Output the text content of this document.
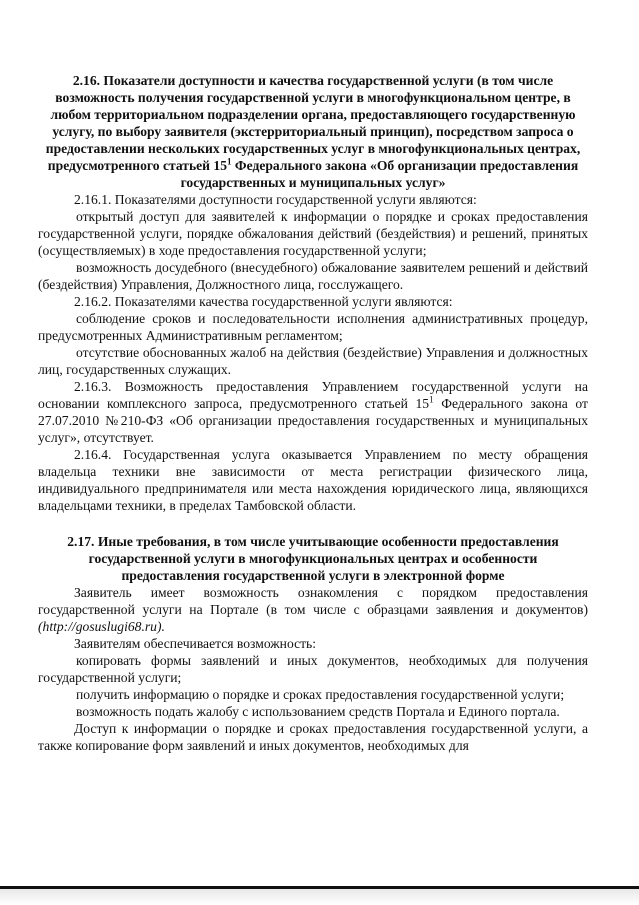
2.16. Показатели доступности и качества государственной услуги (в том числе возможность получения государственной услуги в многофункциональном центре, в любом территориальном подразделении органа, предоставляющего государственную услугу, по выбору заявителя (экстерриториальный принцип), посредством запроса о предоставлении нескольких государственных услуг в многофункциональных центрах, предусмотренного статьей $15^1$ Федерального закона «Об организации предоставления государственных и муниципальных услуг»

2.16.1. Показателями доступности государственной услуги являются:

открытый доступ для заявителей к информации о порядке и сроках предоставления государственной услуги, порядке обжалования действий (бездействия) и решений, принятых (осуществляемых) в ходе предоставления государственной услуги;

возможность досудебного (внесудебного) обжалование заявителем решений и действий (бездействия) Управления, Должностного лица, госслужащего.

2.16.2. Показателями качества государственной услуги являются:

соблюдение сроков и последовательности исполнения административных процедур, предусмотренных Административным регламентом;

отсутствие обоснованных жалоб на действия (бездействие) Управления и должностных лиц, государственных служащих.

2.16.3. Возможность предоставления Управлением государственной услуги на основании комплексного запроса, предусмотренного статьей $15^1$ Федерального закона от 27.07.2010 №210-ФЗ «Об организации предоставления государственных и муниципальных услуг», отсутствует.

2.16.4. Государственная услуга оказывается Управлением по месту обращения владельца техники вне зависимости от места регистрации физического лица, индивидуального предпринимателя или места нахождения юридического лица, являющихся владельцами техники, в пределах Тамбовской области.

2.17. Иные требования, в том числе учитывающие особенности предоставления государственной услуги в многофункциональных центрах и особенности предоставления государственной услуги в электронной форме

Заявитель имеет возможность ознакомления с порядком предоставления государственной услуги на Портале (в том числе с образцами заявления и документов) (http://gosuslugi68.ru).

Заявителям обеспечивается возможность:

копировать формы заявлений и иных документов, необходимых для получения государственной услуги;

получить информацию о порядке и сроках предоставления государственной услуги;

возможность подать жалобу с использованием средств Портала и Единого портала.

Доступ к информации о порядке и сроках предоставления государственной услуги, а также копирование форм заявлений и иных документов, необходимых для
